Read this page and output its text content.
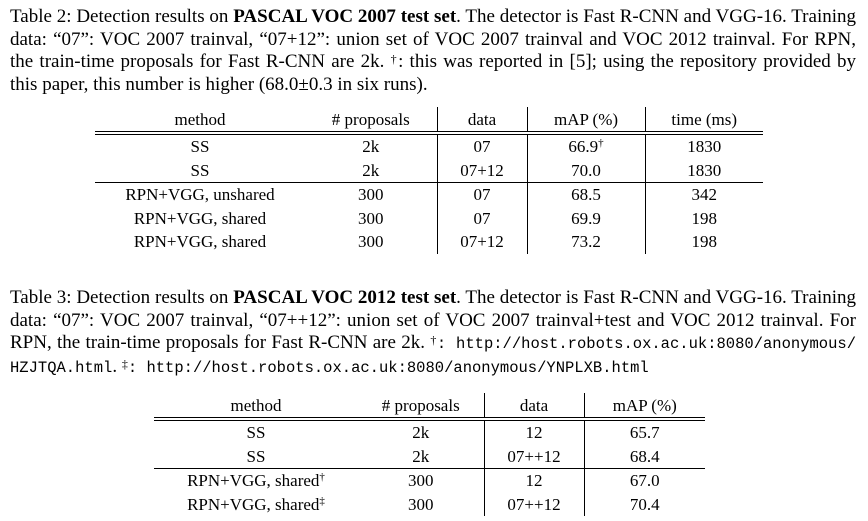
Table 2: Detection results on PASCAL VOC 2007 test set. The detector is Fast R-CNN and VGG-16. Training data: “07”: VOC 2007 trainval, “07+12”: union set of VOC 2007 trainval and VOC 2012 trainval. For RPN, the train-time proposals for Fast R-CNN are 2k. †: this was reported in [5]; using the repository provided by this paper, this number is higher (68.0±0.3 in six runs).
method	# proposals	data	mAP (%)	time (ms)
SS	2k	07	66.9†	1830
SS	2k	07+12	70.0	1830
RPN+VGG, unshared	300	07	68.5	342
RPN+VGG, shared	300	07	69.9	198
RPN+VGG, shared	300	07+12	73.2	198
Table 3: Detection results on PASCAL VOC 2012 test set. The detector is Fast R-CNN and VGG-16. Training data: “07”: VOC 2007 trainval, “07++12”: union set of VOC 2007 trainval+test and VOC 2012 trainval. For RPN, the train-time proposals for Fast R-CNN are 2k. †: http://host.robots.ox.ac.uk:8080/anonymous/HZJTQA.html. ‡: http://host.robots.ox.ac.uk:8080/anonymous/YNPLXB.html
method	# proposals	data	mAP (%)
SS	2k	12	65.7
SS	2k	07++12	68.4
RPN+VGG, shared†	300	12	67.0
RPN+VGG, shared‡	300	07++12	70.4
